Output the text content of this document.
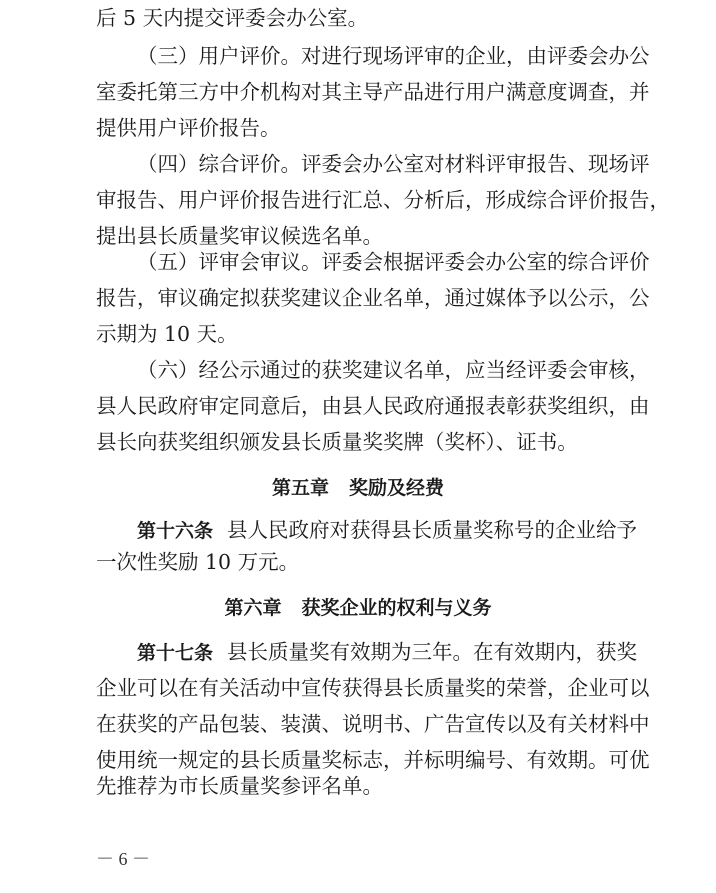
后 5 天内提交评委会办公室。
（三）用户评价。对进行现场评审的企业，由评委会办公
室委托第三方中介机构对其主导产品进行用户满意度调查，并
提供用户评价报告。
（四）综合评价。评委会办公室对材料评审报告、现场评
审报告、用户评价报告进行汇总、分析后，形成综合评价报告，
提出县长质量奖审议候选名单。
（五）评审会审议。评委会根据评委会办公室的综合评价
报告，审议确定拟获奖建议企业名单，通过媒体予以公示，公
示期为 10 天。
（六）经公示通过的获奖建议名单，应当经评委会审核，
县人民政府审定同意后，由县人民政府通报表彰获奖组织，由
县长向获奖组织颁发县长质量奖奖牌（奖杯）、证书。
第五章 奖励及经费
第十六条 县人民政府对获得县长质量奖称号的企业给予
一次性奖励 10 万元。
第六章 获奖企业的权利与义务
第十七条 县长质量奖有效期为三年。在有效期内，获奖
企业可以在有关活动中宣传获得县长质量奖的荣誉，企业可以
在获奖的产品包装、装潢、说明书、广告宣传以及有关材料中
使用统一规定的县长质量奖标志，并标明编号、有效期。可优
先推荐为市长质量奖参评名单。
－ 6 －
